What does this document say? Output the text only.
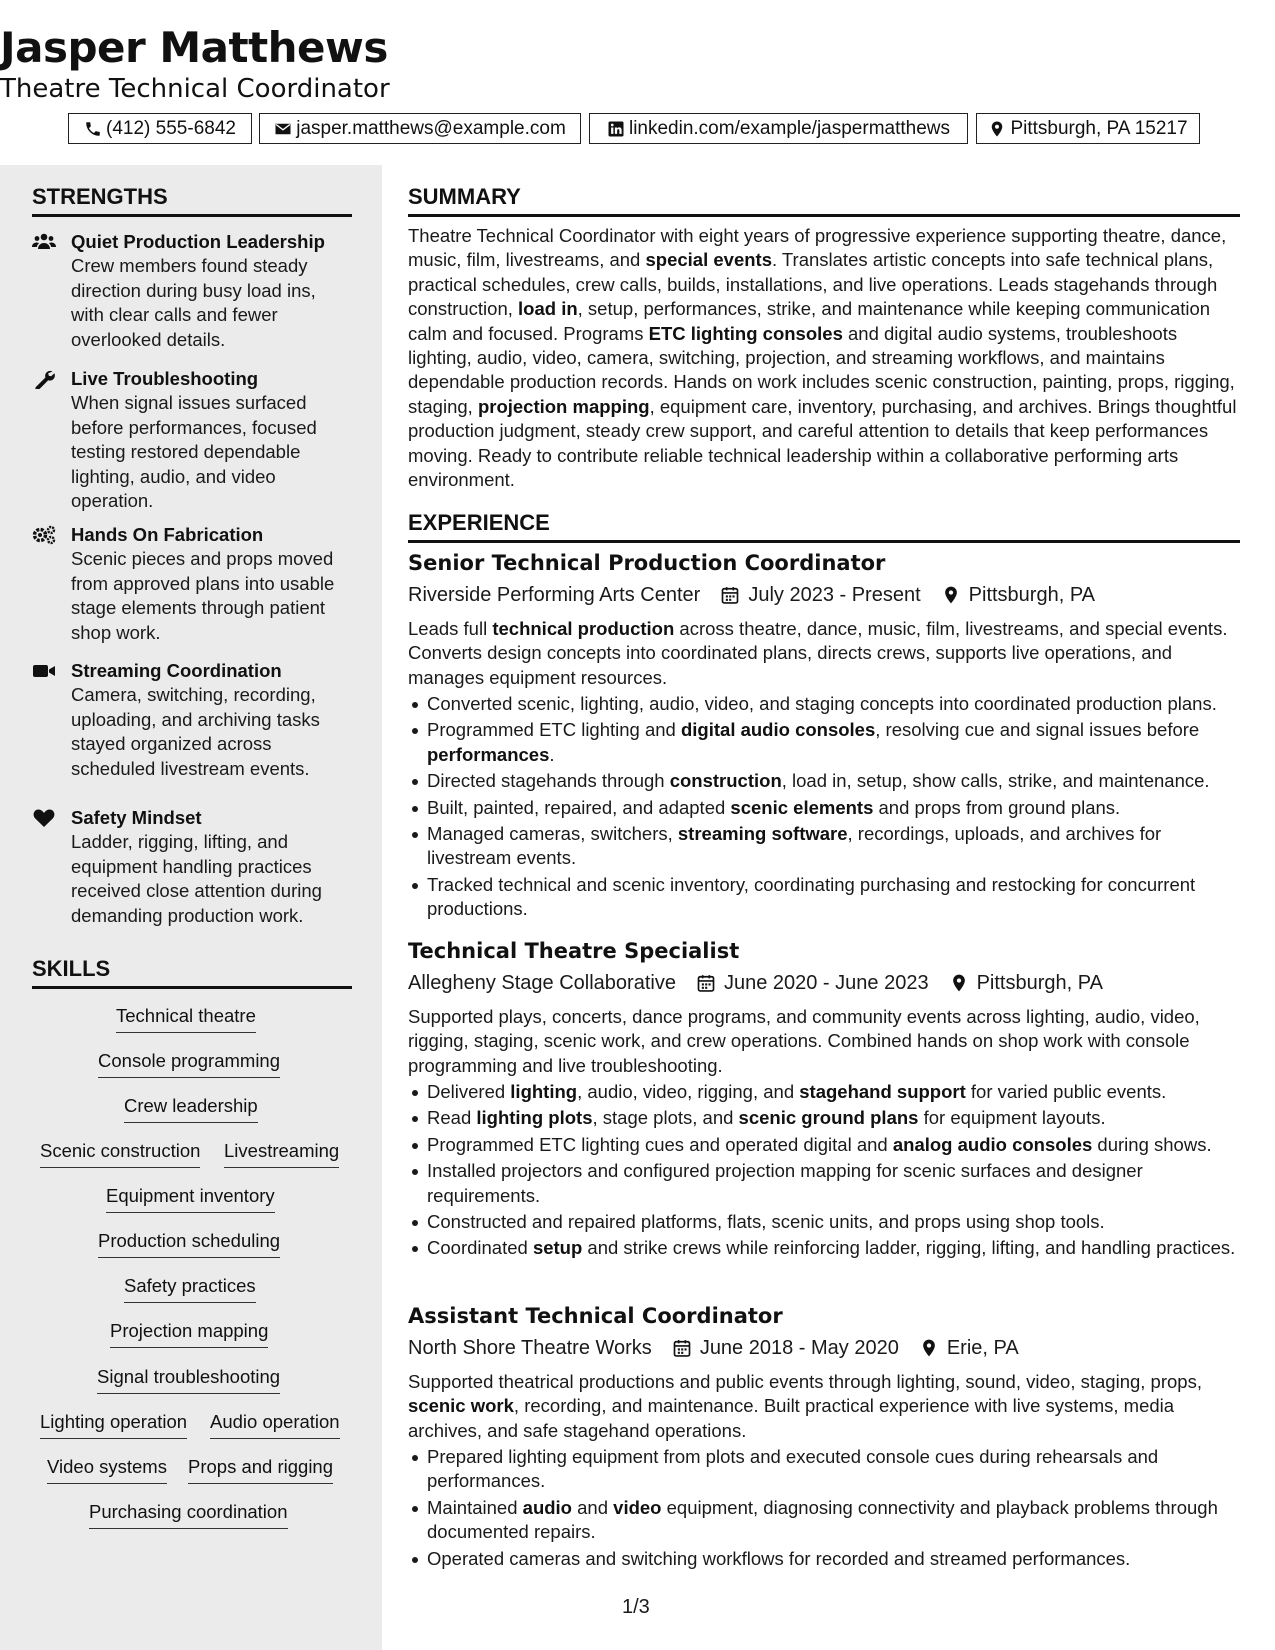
Jasper Matthews
Theatre Technical Coordinator
(412) 555-6842	jasper.matthews@example.com	linkedin.com/example/jaspermatthews	Pittsburgh, PA 15217
STRENGTHS
Quiet Production Leadership
Crew members found steady direction during busy load ins, with clear calls and fewer overlooked details.
Live Troubleshooting
When signal issues surfaced before performances, focused testing restored dependable lighting, audio, and video operation.
Hands On Fabrication
Scenic pieces and props moved from approved plans into usable stage elements through patient shop work.
Streaming Coordination
Camera, switching, recording, uploading, and archiving tasks stayed organized across scheduled livestream events.
Safety Mindset
Ladder, rigging, lifting, and equipment handling practices received close attention during demanding production work.
SKILLS
Technical theatre
Console programming
Crew leadership
Scenic construction Livestreaming
Equipment inventory
Production scheduling
Safety practices
Projection mapping
Signal troubleshooting
Lighting operation Audio operation
Video systems Props and rigging
Purchasing coordination
SUMMARY
Theatre Technical Coordinator with eight years of progressive experience supporting theatre, dance, music, film, livestreams, and special events. Translates artistic concepts into safe technical plans, practical schedules, crew calls, builds, installations, and live operations. Leads stagehands through construction, load in, setup, performances, strike, and maintenance while keeping communication calm and focused. Programs ETC lighting consoles and digital audio systems, troubleshoots lighting, audio, video, camera, switching, projection, and streaming workflows, and maintains dependable production records. Hands on work includes scenic construction, painting, props, rigging, staging, projection mapping, equipment care, inventory, purchasing, and archives. Brings thoughtful production judgment, steady crew support, and careful attention to details that keep performances moving. Ready to contribute reliable technical leadership within a collaborative performing arts environment.
EXPERIENCE
Senior Technical Production Coordinator
Riverside Performing Arts Center July 2023 - Present Pittsburgh, PA
Leads full technical production across theatre, dance, music, film, livestreams, and special events. Converts design concepts into coordinated plans, directs crews, supports live operations, and manages equipment resources.
Converted scenic, lighting, audio, video, and staging concepts into coordinated production plans.
Programmed ETC lighting and digital audio consoles, resolving cue and signal issues before performances.
Directed stagehands through construction, load in, setup, show calls, strike, and maintenance.
Built, painted, repaired, and adapted scenic elements and props from ground plans.
Managed cameras, switchers, streaming software, recordings, uploads, and archives for livestream events.
Tracked technical and scenic inventory, coordinating purchasing and restocking for concurrent productions.
Technical Theatre Specialist
Allegheny Stage Collaborative June 2020 - June 2023 Pittsburgh, PA
Supported plays, concerts, dance programs, and community events across lighting, audio, video, rigging, staging, scenic work, and crew operations. Combined hands on shop work with console programming and live troubleshooting.
Delivered lighting, audio, video, rigging, and stagehand support for varied public events.
Read lighting plots, stage plots, and scenic ground plans for equipment layouts.
Programmed ETC lighting cues and operated digital and analog audio consoles during shows.
Installed projectors and configured projection mapping for scenic surfaces and designer requirements.
Constructed and repaired platforms, flats, scenic units, and props using shop tools.
Coordinated setup and strike crews while reinforcing ladder, rigging, lifting, and handling practices.
Assistant Technical Coordinator
North Shore Theatre Works June 2018 - May 2020 Erie, PA
Supported theatrical productions and public events through lighting, sound, video, staging, props, scenic work, recording, and maintenance. Built practical experience with live systems, media archives, and safe stagehand operations.
Prepared lighting equipment from plots and executed console cues during rehearsals and performances.
Maintained audio and video equipment, diagnosing connectivity and playback problems through documented repairs.
Operated cameras and switching workflows for recorded and streamed performances.
1/3
